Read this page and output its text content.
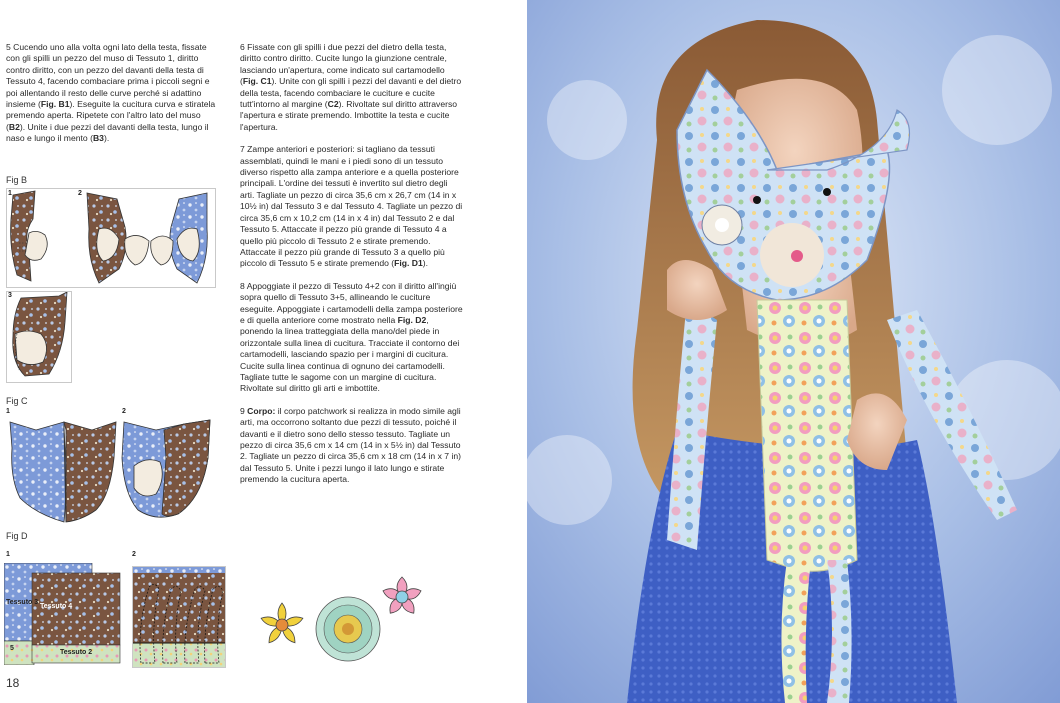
5 Cucendo uno alla volta ogni lato della testa, fissate con gli spilli un pezzo del muso di Tessuto 1, diritto contro diritto, con un pezzo del davanti della testa di Tessuto 4, facendo combaciare prima i piccoli segni e poi allentando il resto delle curve perché si adattino insieme (Fig. B1). Eseguite la cucitura curva e stiratela premendo aperta. Ripetete con l'altro lato del muso (B2). Unite i due pezzi del davanti della testa, lungo il naso e lungo il mento (B3).

6 Fissate con gli spilli i due pezzi del dietro della testa, diritto contro diritto. Cucite lungo la giunzione centrale, lasciando un'apertura, come indicato sul cartamodello (Fig. C1). Unite con gli spilli i pezzi del davanti e del dietro della testa, facendo combaciare le cuciture e cucite tutt'intorno al margine (C2). Rivoltate sul diritto attraverso l'apertura e stirate premendo. Imbottite la testa e cucite l'apertura.

7 Zampe anteriori e posteriori: si tagliano da tessuti assemblati, quindi le mani e i piedi sono di un tessuto diverso rispetto alla zampa anteriore e a quella posteriore principali. L'ordine dei tessuti è invertito sul dietro degli arti. Tagliate un pezzo di circa 35,6 cm x 26,7 cm (14 in x 10½ in) dal Tessuto 3 e dal Tessuto 4. Tagliate un pezzo di circa 35,6 cm x 10,2 cm (14 in x 4 in) dal Tessuto 2 e dal Tessuto 5. Attaccate il pezzo più grande di Tessuto 4 a quello più piccolo di Tessuto 2 e stirate premendo. Attaccate il pezzo più grande di Tessuto 3 a quello più piccolo di Tessuto 5 e stirate premendo (Fig. D1).

8 Appoggiate il pezzo di Tessuto 4+2 con il diritto all'ingiù sopra quello di Tessuto 3+5, allineando le cuciture eseguite. Appoggiate i cartamodelli della zampa posteriore e di quella anteriore come mostrato nella Fig. D2, ponendo la linea tratteggiata della mano/del piede in orizzontale sulla linea di cucitura. Tracciate il contorno dei cartamodelli, lasciando spazio per i margini di cucitura. Cucite sulla linea continua di ognuno dei cartamodelli. Tagliate tutte le sagome con un margine di cucitura. Rivoltate sul diritto gli arti e imbottite.

9 Corpo: il corpo patchwork si realizza in modo simile agli arti, ma occorrono soltanto due pezzi di tessuto, poiché il davanti e il dietro sono dello stesso tessuto. Tagliate un pezzo di circa 35,6 cm x 14 cm (14 in x 5½ in) dal Tessuto 2. Tagliate un pezzo di circa 35,6 cm x 18 cm (14 in x 7 in) dal Tessuto 5. Unite i pezzi lungo il lato lungo e stirate premendo la cucitura aperta.

Fig B
1	2
3
Fig C
1	2
Fig D
1	2
Tessuto 3
Tessuto 4
5
Tessuto 2
18
